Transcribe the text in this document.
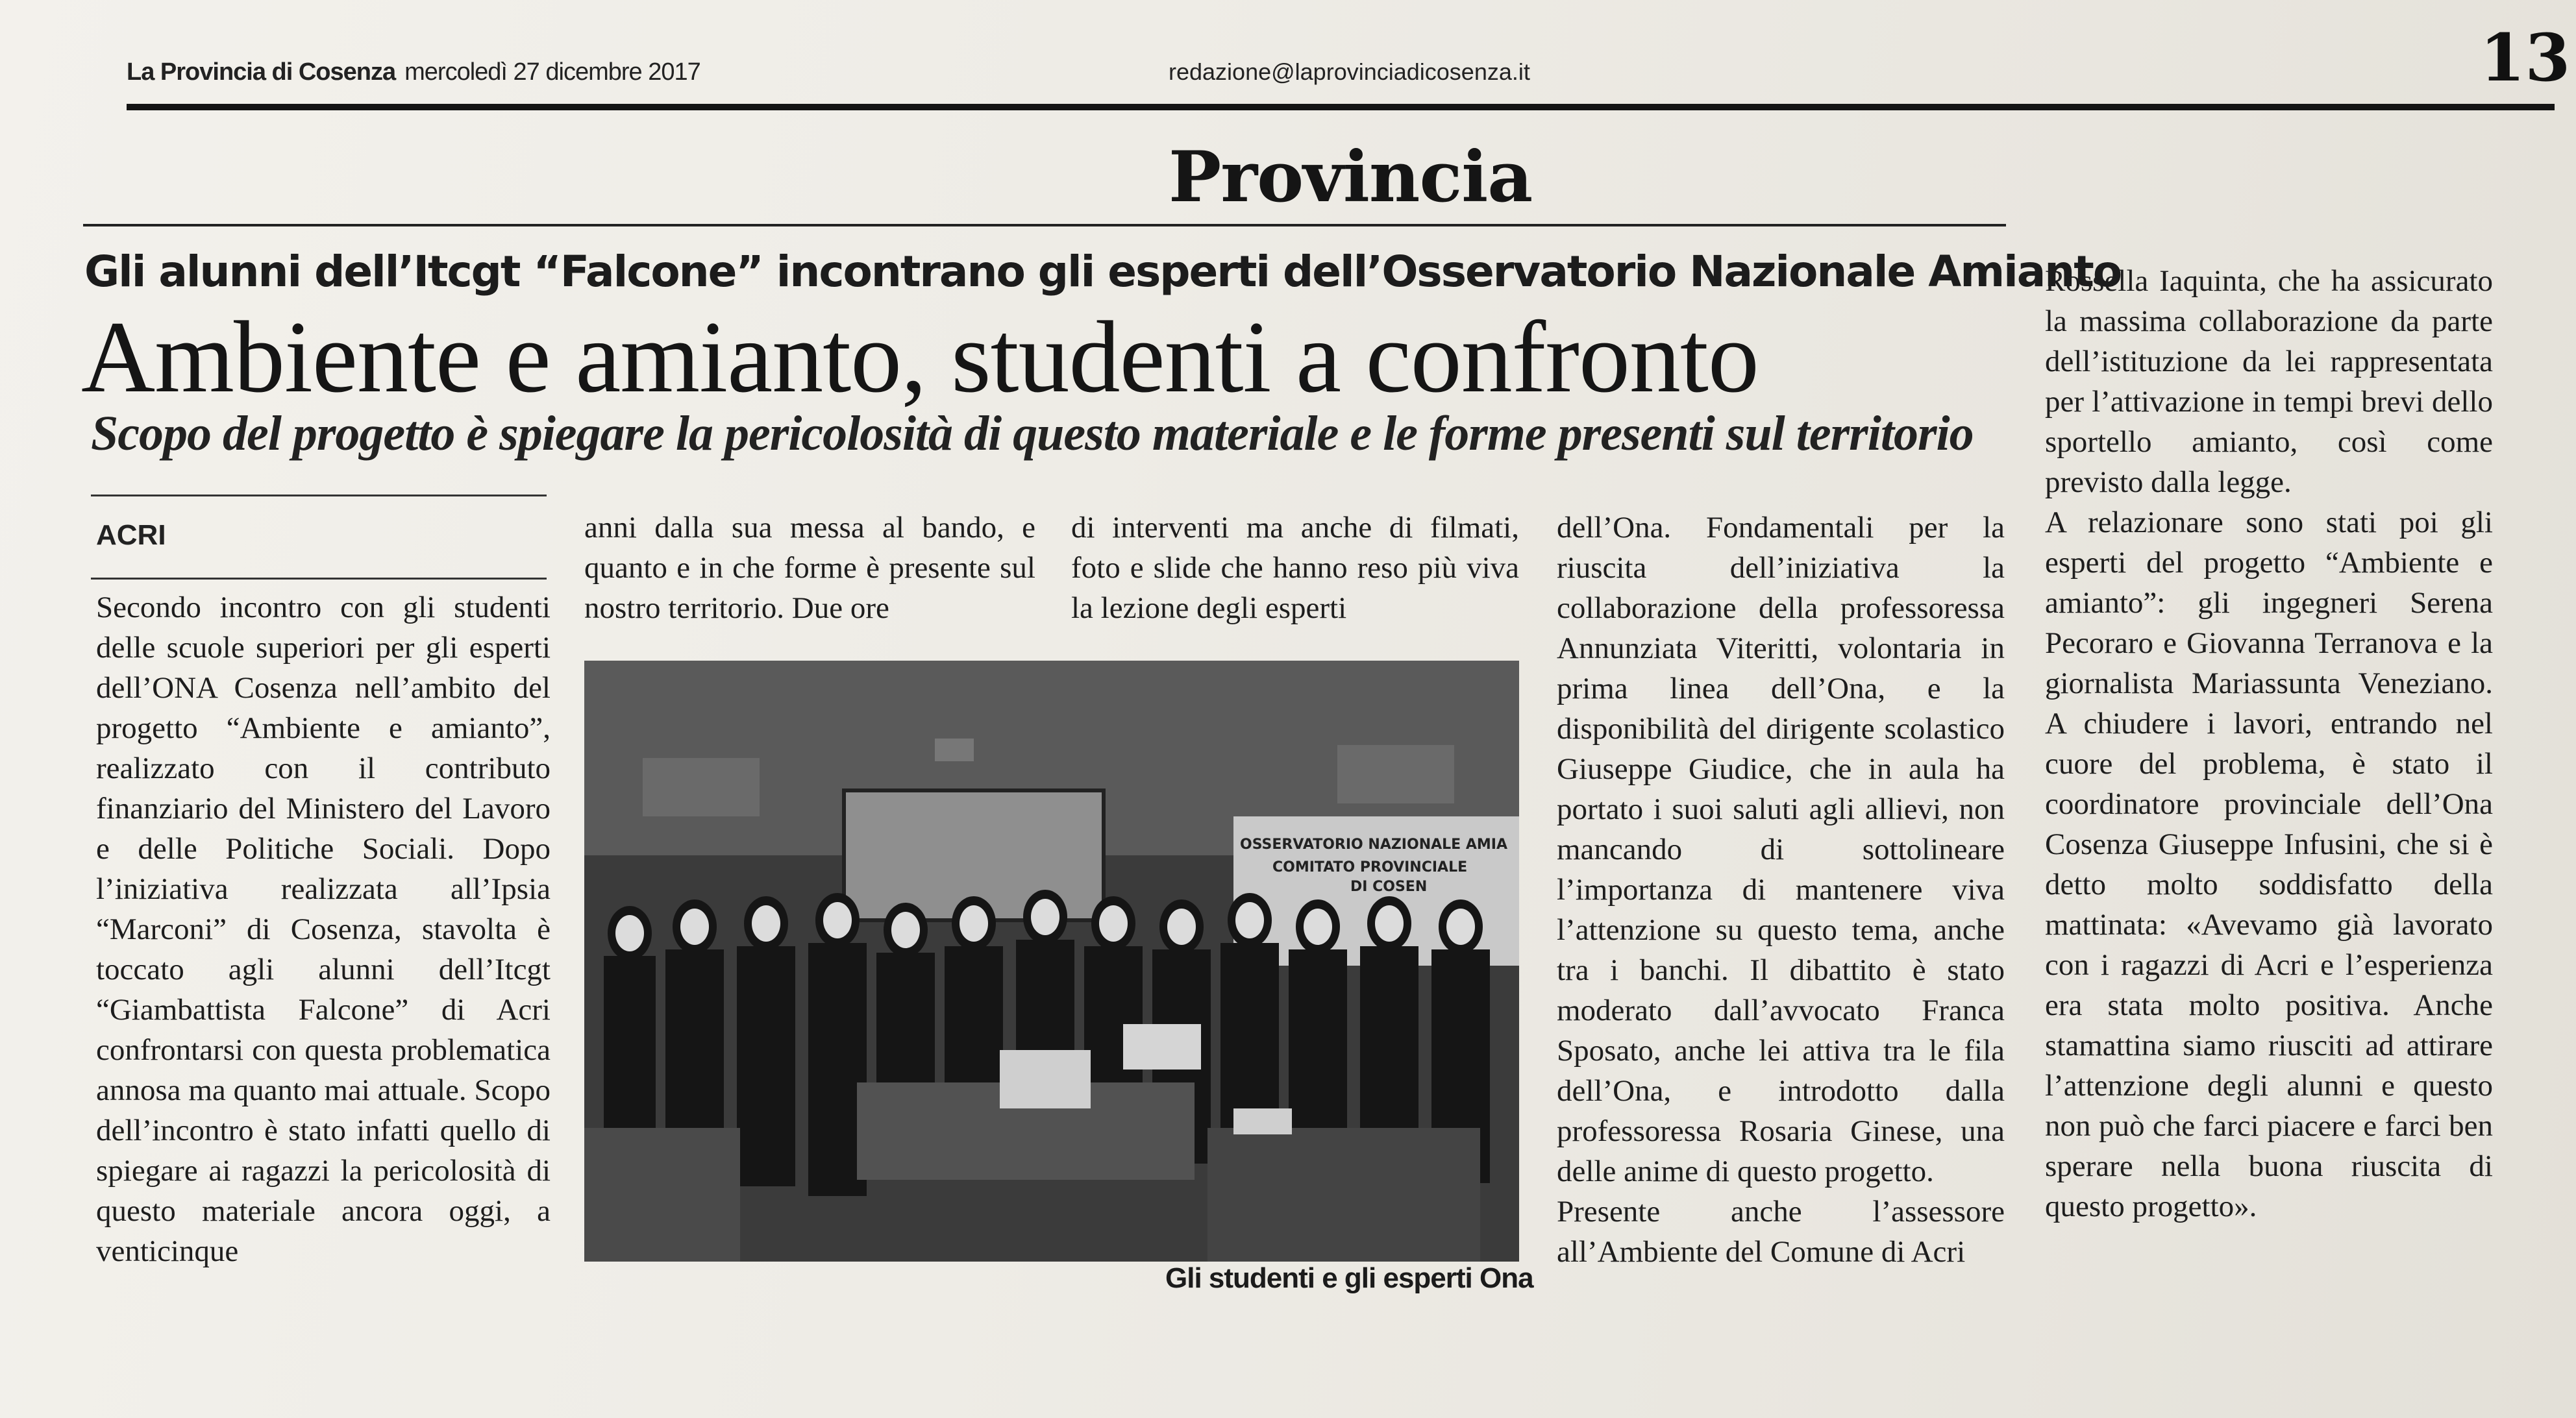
La Provincia di Cosenza mercoledì 27 dicembre 2017	redazione@laprovinciadicosenza.it	13
Provincia
Gli alunni dell’Itcgt “Falcone” incontrano gli esperti dell’Osservatorio Nazionale Amianto
Ambiente e amianto, studenti a confronto
Scopo del progetto è spiegare la pericolosità di questo materiale e le forme presenti sul territorio
ACRI

Secondo incontro con gli studenti delle scuole superiori per gli esperti dell’ONA Cosenza nell’ambito del progetto “Ambiente e amianto”, realizzato con il contributo finanziario del Ministero del Lavoro e delle Politiche Sociali. Dopo l’iniziativa realizzata all’Ipsia “Marconi” di Cosenza, stavolta è toccato agli alunni dell’Itcgt “Giambattista Falcone” di Acri confrontarsi con questa problematica annosa ma quanto mai attuale. Scopo dell’incontro è stato infatti quello di spiegare ai ragazzi la pericolosità di questo materiale ancora oggi, a venticinque

anni dalla sua messa al bando, e quanto e in che forme è presente sul nostro territorio. Due ore

di interventi ma anche di filmati, foto e slide che hanno reso più viva la lezione degli esperti

dell’Ona. Fondamentali per la riuscita dell’iniziativa la collaborazione della professoressa Annunziata Viteritti, volontaria in prima linea dell’Ona, e la disponibilità del dirigente scolastico Giuseppe Giudice, che in aula ha portato i suoi saluti agli allievi, non mancando di sottolineare l’importanza di mantenere viva l’attenzione su questo tema, anche tra i banchi. Il dibattito è stato moderato dall’avvocato Franca Sposato, anche lei attiva tra le fila dell’Ona, e introdotto dalla professoressa Rosaria Ginese, una delle anime di questo progetto.

Presente anche l’assessore all’Ambiente del Comune di Acri

Rossella Iaquinta, che ha assicurato la massima collaborazione da parte dell’istituzione da lei rappresentata per l’attivazione in tempi brevi dello sportello amianto, così come previsto dalla legge.

A relazionare sono stati poi gli esperti del progetto “Ambiente e amianto”: gli ingegneri Serena Pecoraro e Giovanna Terranova e la giornalista Mariassunta Veneziano. A chiudere i lavori, entrando nel cuore del problema, è stato il coordinatore provinciale dell’Ona Cosenza Giuseppe Infusini, che si è detto molto soddisfatto della mattinata: «Avevamo già lavorato con i ragazzi di Acri e l’esperienza era stata molto positiva. Anche stamattina siamo riusciti ad attirare l’attenzione degli alunni e questo non può che farci piacere e farci ben sperare nella buona riuscita di questo progetto».

OSSERVATORIO NAZIONALE AMIA
COMITATO PROVINCIALE
DI COSEN
Gli studenti e gli esperti Ona
